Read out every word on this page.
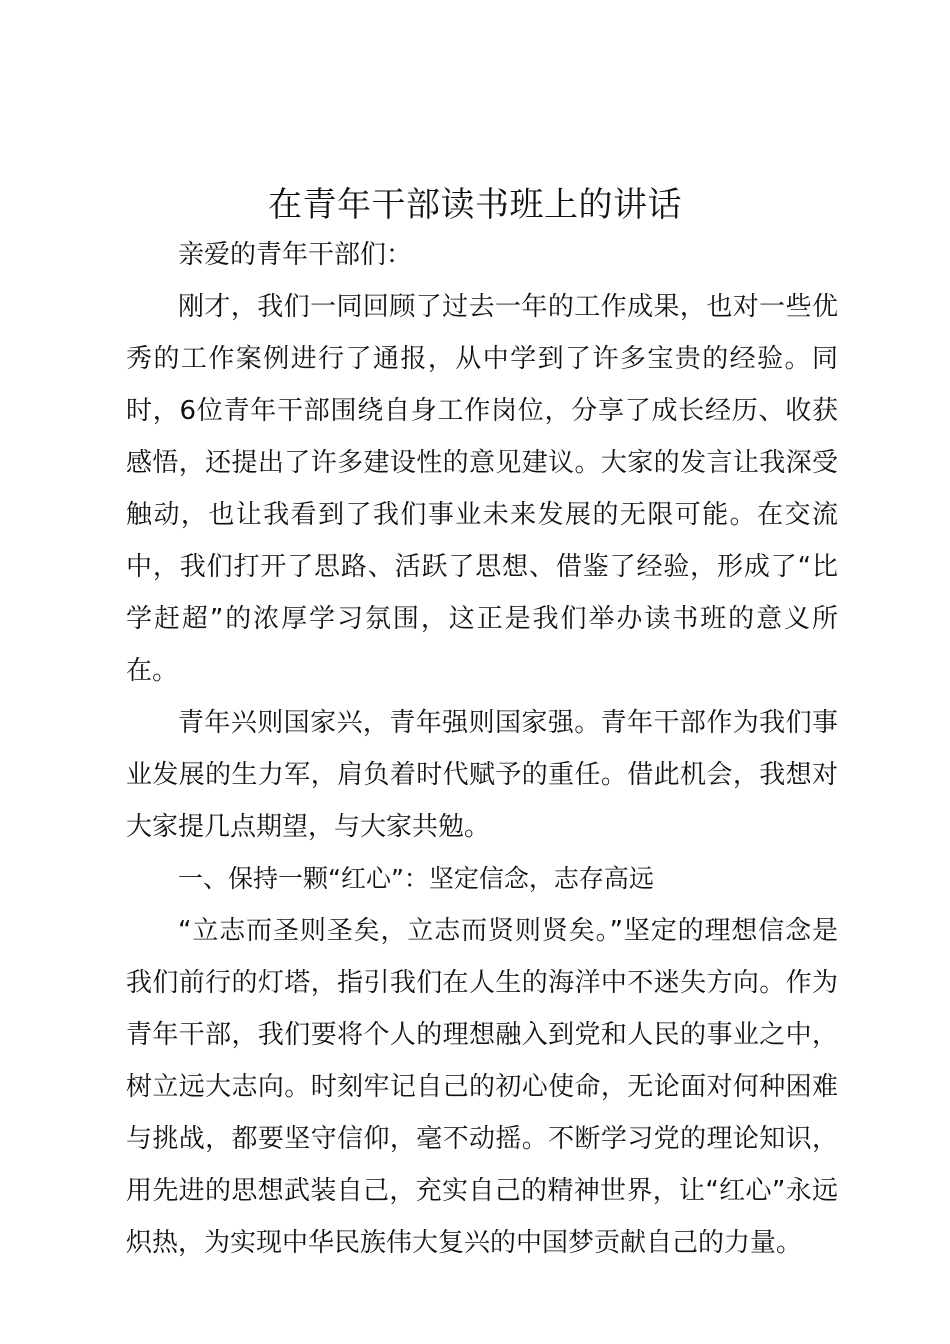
在青年干部读书班上的讲话

亲爱的青年干部们：

刚才，我们一同回顾了过去一年的工作成果，也对一些优秀的工作案例进行了通报，从中学到了许多宝贵的经验。同时，6位青年干部围绕自身工作岗位，分享了成长经历、收获感悟，还提出了许多建设性的意见建议。大家的发言让我深受触动，也让我看到了我们事业未来发展的无限可能。在交流中，我们打开了思路、活跃了思想、借鉴了经验，形成了“比学赶超”的浓厚学习氛围，这正是我们举办读书班的意义所在。

青年兴则国家兴，青年强则国家强。青年干部作为我们事业发展的生力军，肩负着时代赋予的重任。借此机会，我想对大家提几点期望，与大家共勉。

一、保持一颗“红心”：坚定信念，志存高远

“立志而圣则圣矣，立志而贤则贤矣。”坚定的理想信念是我们前行的灯塔，指引我们在人生的海洋中不迷失方向。作为青年干部，我们要将个人的理想融入到党和人民的事业之中，树立远大志向。时刻牢记自己的初心使命，无论面对何种困难与挑战，都要坚守信仰，毫不动摇。不断学习党的理论知识，用先进的思想武装自己，充实自己的精神世界，让“红心”永远炽热，为实现中华民族伟大复兴的中国梦贡献自己的力量。
